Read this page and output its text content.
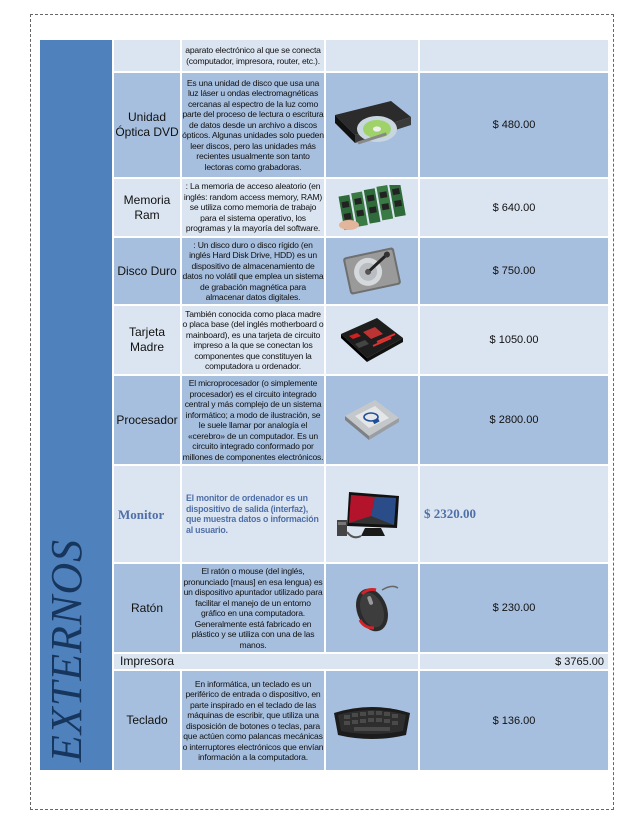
EXTERNOS		aparato electrónico al que se conecta (computador, impresora, router, etc.).		
	Unidad Óptica DVD	Es una unidad de disco que usa una luz láser u ondas electromagnéticas cercanas al espectro de la luz como parte del proceso de lectura o escritura de datos desde un archivo a discos ópticos. Algunas unidades solo pueden leer discos, pero las unidades más recientes usualmente son tanto lectoras como grabadoras.		$ 480.00
	Memoria Ram	: La memoria de acceso aleatorio (en inglés: random access memory, RAM) se utiliza como memoria de trabajo para el sistema operativo, los programas y la mayoría del software.		$ 640.00
	Disco Duro	: Un disco duro o disco rígido (en inglés Hard Disk Drive, HDD) es un dispositivo de almacenamiento de datos no volátil que emplea un sistema de grabación magnética para almacenar datos digitales.		$ 750.00
	Tarjeta Madre	También conocida como placa madre o placa base (del inglés motherboard o mainboard), es una tarjeta de circuito impreso a la que se conectan los componentes que constituyen la computadora u ordenador.		$ 1050.00
	Procesador	El microprocesador (o simplemente procesador) es el circuito integrado central y más complejo de un sistema informático; a modo de ilustración, se le suele llamar por analogía el «cerebro» de un computador. Es un circuito integrado conformado por millones de componentes electrónicos.		$ 2800.00
	Monitor	El monitor de ordenador es un dispositivo de salida (interfaz), que muestra datos o información al usuario.		$ 2320.00
	Ratón	El ratón o mouse (del inglés, pronunciado [maus] en esa lengua) es un dispositivo apuntador utilizado para facilitar el manejo de un entorno gráfico en una computadora. Generalmente está fabricado en plástico y se utiliza con una de las manos.		$ 230.00
	Impresora			$ 3765.00
	Teclado	En informática, un teclado es un periférico de entrada o dispositivo, en parte inspirado en el teclado de las máquinas de escribir, que utiliza una disposición de botones o teclas, para que actúen como palancas mecánicas o interruptores electrónicos que envían información a la computadora.		$ 136.00
